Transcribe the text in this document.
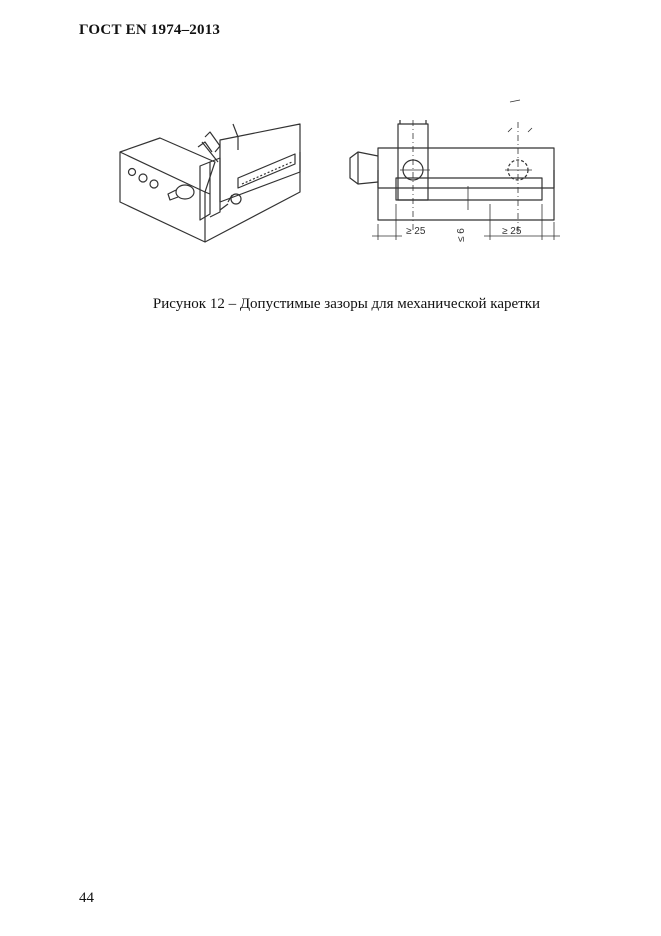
ГОСТ EN 1974–2013
≥ 25	≥ 25
≤ 6
Рисунок 12 – Допустимые зазоры для механической каретки
44
